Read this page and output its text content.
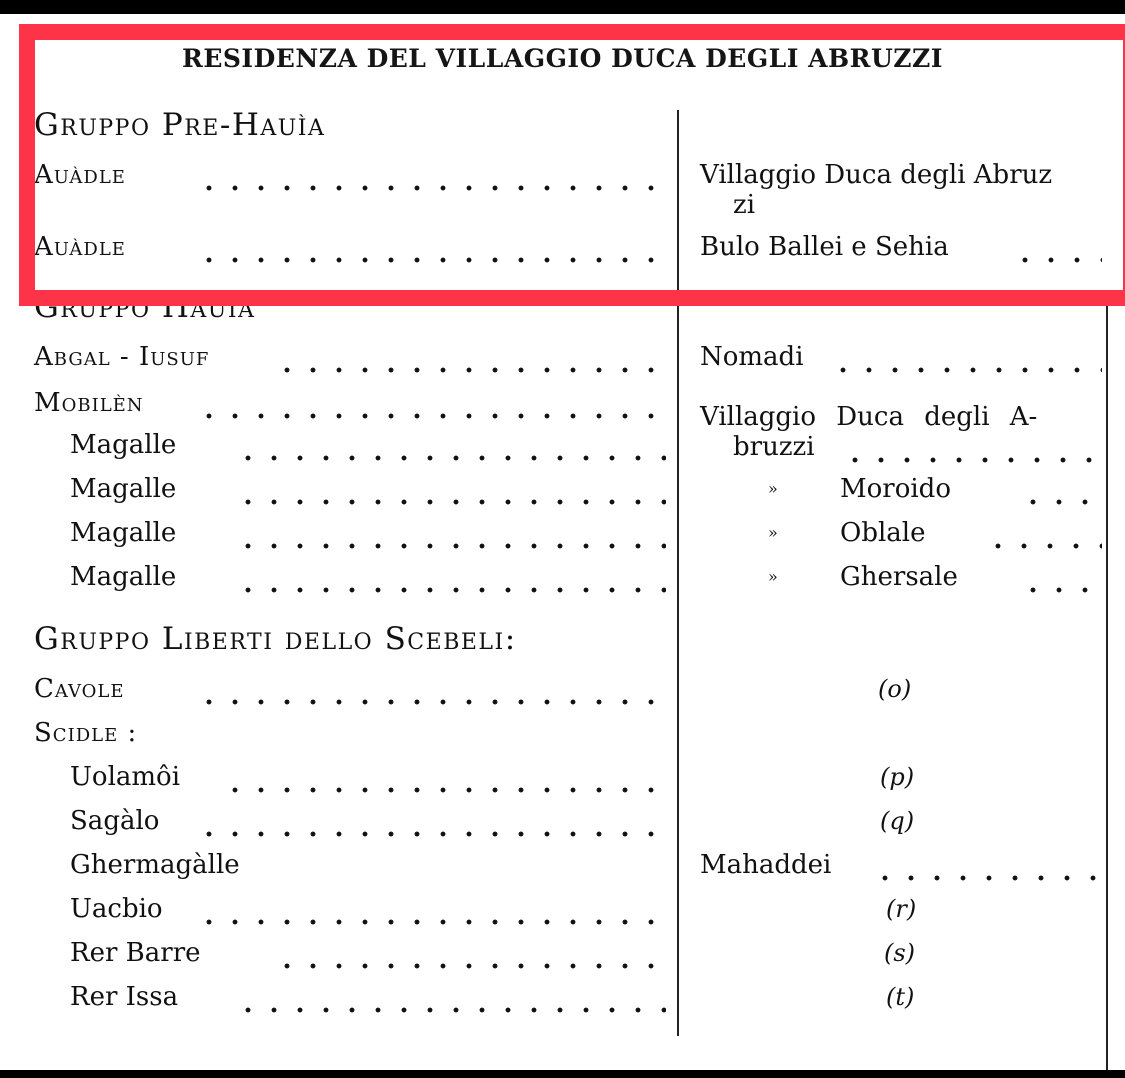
RESIDENZA DEL VILLAGGIO DUCA DEGLI ABRUZZI
Gruppo Pre-Hauìa
Auàdle	Villaggio Duca degli Abruz
zi
Auàdle	Bulo Ballei e Sehia
Gruppo Hauìa
Abgal - Iusuf	Nomadi
Mobilèn	Villaggio Duca degli A-
bruzzi
Magalle
Magalle	» Moroido
Magalle	» Oblale
Magalle	» Ghersale
Gruppo Liberti dello Scebeli:
Cavole	(o)
Scidle :
Uolamôi	(p)
Sagàlo	(q)
Ghermagàlle	Mahaddei
Uacbio	(r)
Rer Barre	(s)
Rer Issa	(t)
